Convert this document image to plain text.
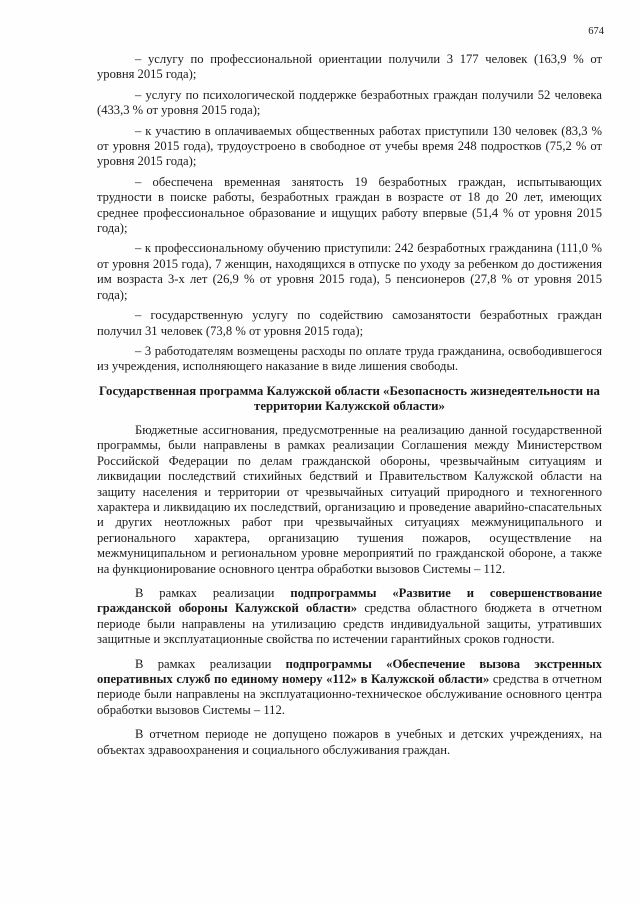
674

– услугу по профессиональной ориентации получили 3 177 человек (163,9 % от уровня 2015 года);

– услугу по психологической поддержке безработных граждан получили 52 человека (433,3 % от уровня 2015 года);

– к участию в оплачиваемых общественных работах приступили 130 человек (83,3 % от уровня 2015 года), трудоустроено в свободное от учебы время 248 подростков (75,2 % от уровня 2015 года);

– обеспечена временная занятость 19 безработных граждан, испытывающих трудности в поиске работы, безработных граждан в возрасте от 18 до 20 лет, имеющих среднее профессиональное образование и ищущих работу впервые (51,4 % от уровня 2015 года);

– к профессиональному обучению приступили: 242 безработных гражданина (111,0 % от уровня 2015 года), 7 женщин, находящихся в отпуске по уходу за ребенком до достижения им возраста 3-х лет (26,9 % от уровня 2015 года), 5 пенсионеров (27,8 % от уровня 2015 года);

– государственную услугу по содействию самозанятости безработных граждан получил 31 человек (73,8 % от уровня 2015 года);

– 3 работодателям возмещены расходы по оплате труда гражданина, освободившегося из учреждения, исполняющего наказание в виде лишения свободы.

Государственная программа Калужской области «Безопасность жизнедеятельности на территории Калужской области»

Бюджетные ассигнования, предусмотренные на реализацию данной государственной программы, были направлены в рамках реализации Соглашения между Министерством Российской Федерации по делам гражданской обороны, чрезвычайным ситуациям и ликвидации последствий стихийных бедствий и Правительством Калужской области на защиту населения и территории от чрезвычайных ситуаций природного и техногенного характера и ликвидацию их последствий, организацию и проведение аварийно-спасательных и других неотложных работ при чрезвычайных ситуациях межмуниципального и регионального характера, организацию тушения пожаров, осуществление на межмуниципальном и региональном уровне мероприятий по гражданской обороне, а также на функционирование основного центра обработки вызовов Системы – 112.

В рамках реализации подпрограммы «Развитие и совершенствование гражданской обороны Калужской области» средства областного бюджета в отчетном периоде были направлены на утилизацию средств индивидуальной защиты, утративших защитные и эксплуатационные свойства по истечении гарантийных сроков годности.

В рамках реализации подпрограммы «Обеспечение вызова экстренных оперативных служб по единому номеру «112» в Калужской области» средства в отчетном периоде были направлены на эксплуатационно-техническое обслуживание основного центра обработки вызовов Системы – 112.

В отчетном периоде не допущено пожаров в учебных и детских учреждениях, на объектах здравоохранения и социального обслуживания граждан.
